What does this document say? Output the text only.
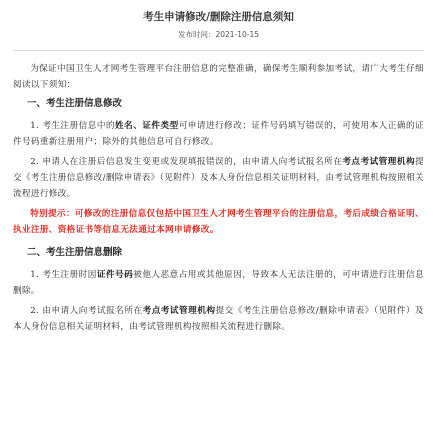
考生申请修改/删除注册信息须知
发布时间：2021-10-15

为保证中国卫生人才网考生管理平台注册信息的完整准确，确保考生顺利参加考试，请广大考生仔细阅读以下须知：

一、考生注册信息修改

1. 考生注册信息中的姓名、证件类型可申请进行修改；证件号码填写错误的，可使用本人正确的证件号码重新注册用户；除外的其他信息可自行修改。

2. 申请人在注册后信息发生变更或发现填报错误的，由申请人向考试报名所在考点考试管理机构提交《考生注册信息修改/删除申请表》（见附件）及本人身份信息相关证明材料，由考试管理机构按照相关流程进行修改。

特别提示：可修改的注册信息仅包括中国卫生人才网考生管理平台的注册信息，考后成绩合格证明、执业注册、资格证书等信息无法通过本网申请修改。
二、考生注册信息删除

1. 考生注册时因证件号码被他人恶意占用或其他原因，导致本人无法注册的，可申请进行注册信息删除。

2. 由申请人向考试报名所在考点考试管理机构提交《考生注册信息修改/删除申请表》（见附件）及本人身份信息相关证明材料，由考试管理机构按照相关流程进行删除。
